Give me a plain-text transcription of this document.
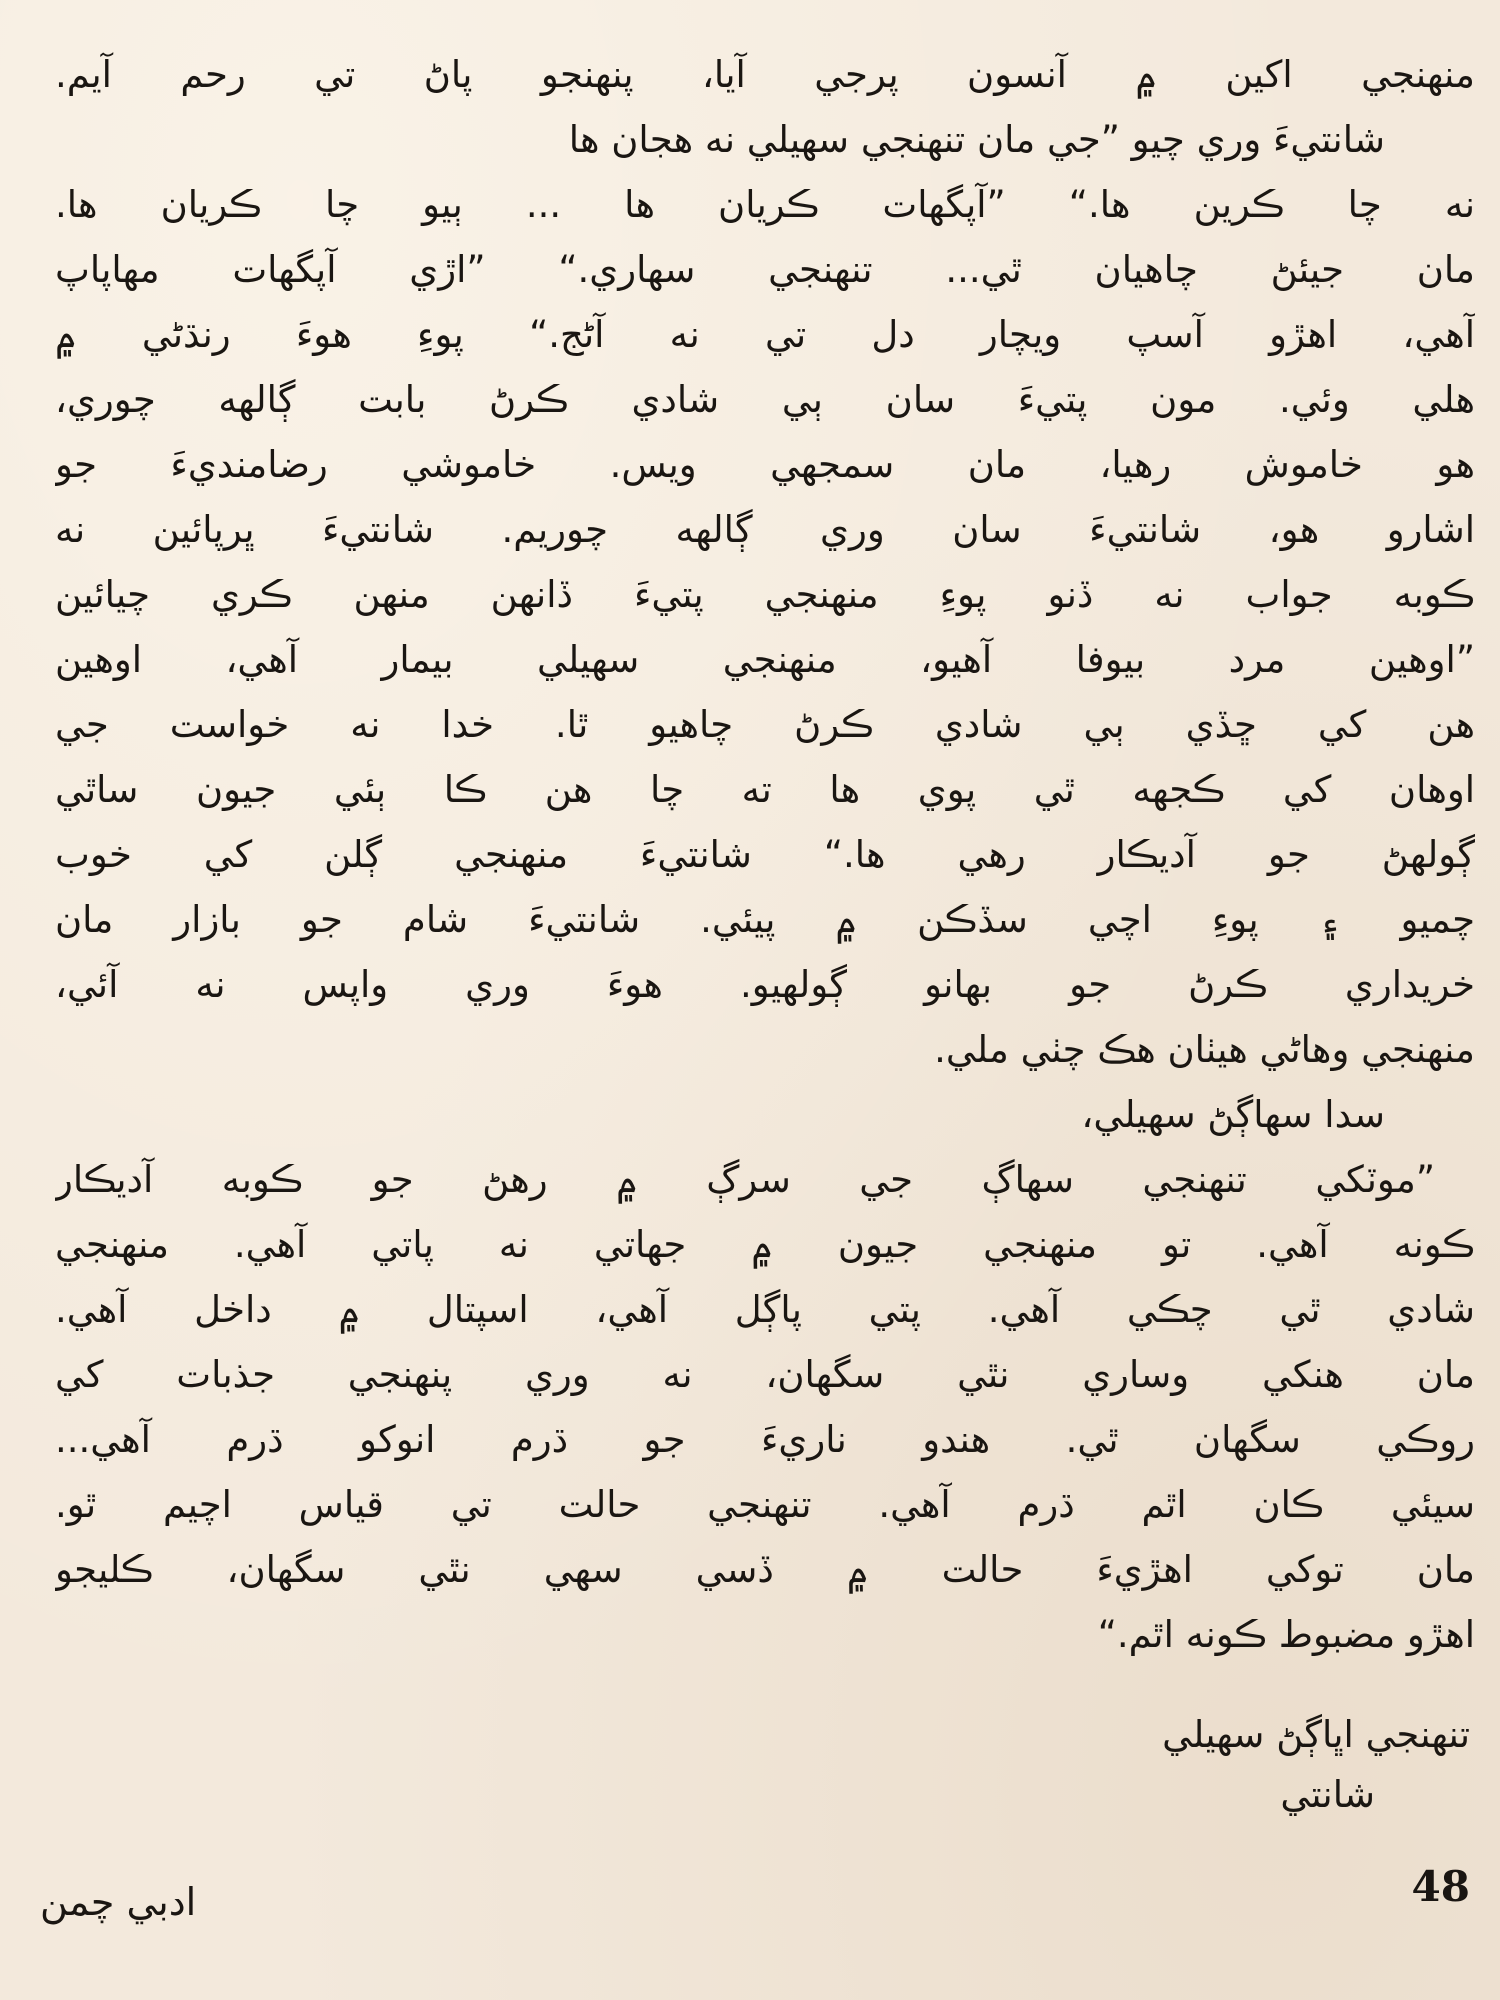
منهنجي اکين ۾ آنسون پرجي آيا، پنهنجو پاڻ تي رحم آيم.
شانتيءَ وري چيو ”جي مان تنهنجي سهيلي نه هجان ها
نه چا ڪرين ها.“ ”آپگهات ڪريان ها ... ٻيو چا ڪريان ها.
مان جيئڻ چاهيان ٿي... تنهنجي سهاري.“ ”اڙي آپگهات مهاپاپ
آهي، اهڙو آسپ ويچار دل تي نه آڻج.“ پوءِ هوءَ رنڌڻي ۾
هلي وئي. مون پتيءَ سان ٻي شادي ڪرڻ بابت ڳالهه چوري،
هو خاموش رهيا، مان سمجهي ويس. خاموشي رضامنديءَ جو
اشارو هو، شانتيءَ سان وري ڳالهه چوريم. شانتيءَ ڀرپائين نه
ڪوبه جواب نه ڏنو پوءِ منهنجي پتيءَ ڏانهن منهن ڪري چيائين
”اوهين مرد بيوفا آهيو، منهنجي سهيلي بيمار آهي، اوهين
هن کي ڇڏي ٻي شادي ڪرڻ چاهيو ٿا. خدا نه خواست جي
اوهان کي ڪجهه ٿي پوي ها ته چا هن ڪا ٻئي جيون ساٿي
ڳولهڻ جو آديڪار رهي ها.“ شانتيءَ منهنجي ڳلن کي خوب
چميو ۽ پوءِ اچي سڏڪن ۾ پيئي. شانتيءَ شام جو بازار مان
خريداري ڪرڻ جو بهانو ڳولهيو. هوءَ وري واپس نه آئي،
منهنجي وهاڻي هيٺان هڪ چٺي ملي.
سدا سهاڳڻ سهيلي،
”موٽکي تنهنجي سهاڳ جي سرڳ ۾ رهڻ جو ڪوبه آديڪار
ڪونه آهي. تو منهنجي جيون ۾ جهاتي نه پاتي آهي. منهنجي
شادي ٿي چڪي آهي. پتي پاڳل آهي، اسپتال ۾ داخل آهي.
مان هنکي وساري نٿي سگهان، نه وري پنهنجي جذبات کي
روڪي سگهان ٿي. هندو ناريءَ جو ڌرم انوکو ڌرم آهي...
سيئي ڪان اٿم ڌرم آهي. تنهنجي حالت تي قياس اچيم ٿو.
مان توکي اهڙيءَ حالت ۾ ڏسي سهي نٿي سگهان، ڪليجو
اهڙو مضبوط ڪونه اٿم.“
تنهنجي اڀاڳڻ سهيلي
شانتي
48
ادبي چمن
